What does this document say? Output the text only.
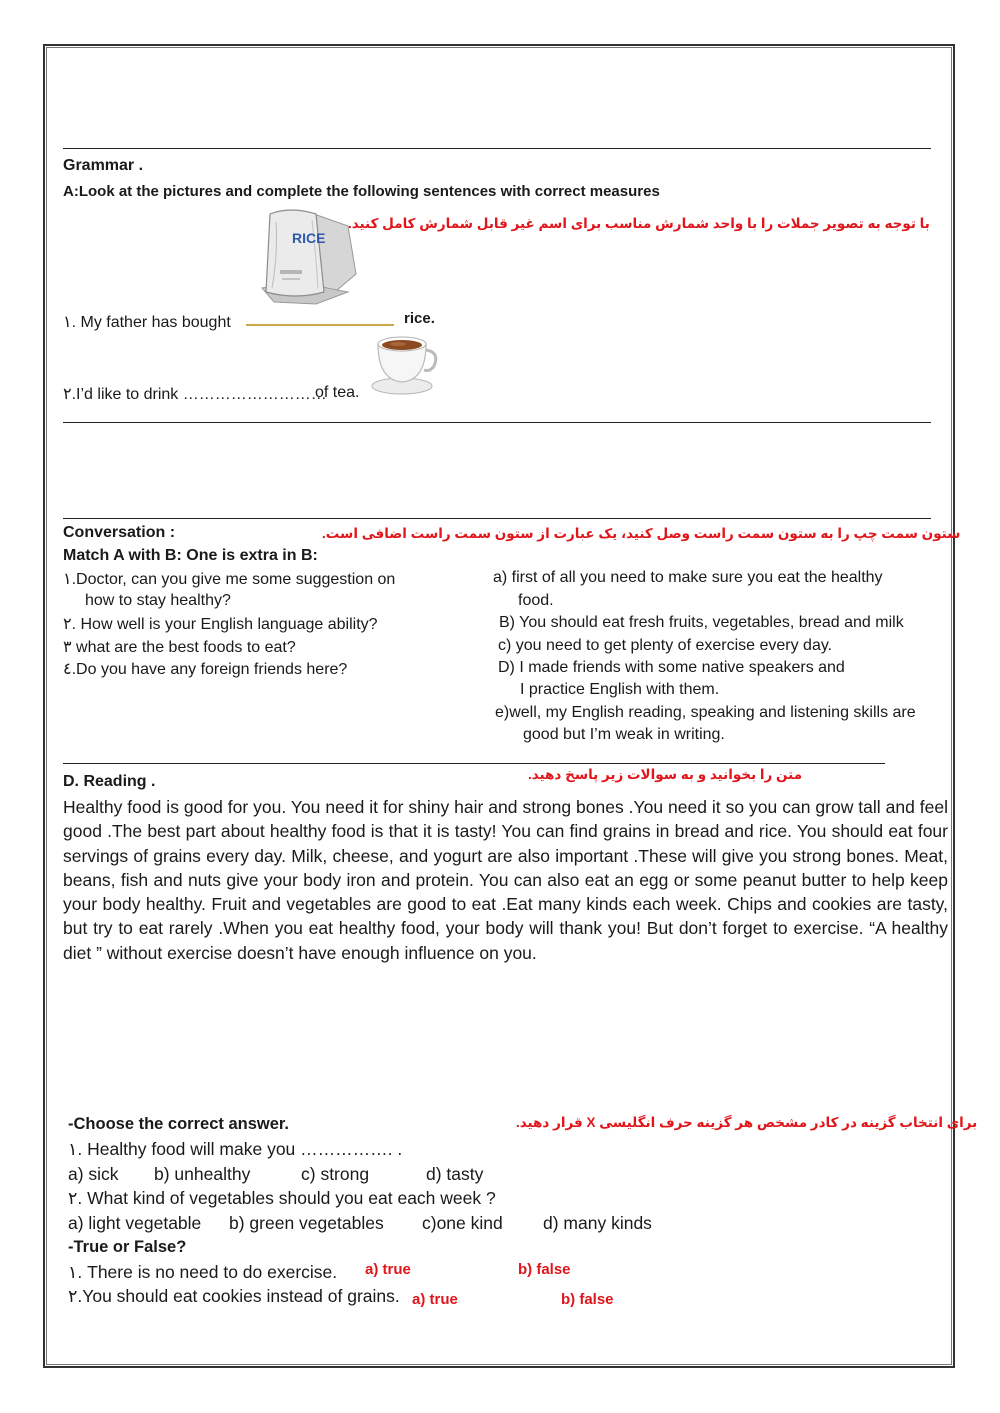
Grammar .
A:Look at the pictures and complete the following sentences with correct measures
RICE
با توجه به تصویر جملات را با واحد شمارش مناسب برای اسم غیر قابل شمارش کامل کنید.
١. My father has bought	rice.
٢.I’d like to drink ………………………
of tea.
Conversation :	ستون سمت چپ را به ستون سمت راست وصل کنید، یک عبارت از ستون سمت راست اضافی است.
Match A with B: One is extra in B:
١.Doctor, can you give me some suggestion on
how to stay healthy?
٢. How well is your English language ability?
٣ what are the best foods to eat?
٤.Do you have any foreign friends here?
a) first of all you need to make sure you eat the healthy
food.
B) You should eat fresh fruits, vegetables, bread and milk
c) you need to get plenty of exercise every day.
D) I made friends with some native speakers and
I practice English with them.
e)well, my English reading, speaking and listening skills are
good but I’m weak in writing.
D. Reading .	متن را بخوانید و به سوالات زیر پاسخ دهید.
Healthy food is good for you. You need it for shiny hair and strong bones .You need it so you can grow tall and feel good .The best part about healthy food is that it is tasty! You can find grains in bread and rice. You should eat four servings of grains every day. Milk, cheese, and yogurt are also important .These will give you strong bones. Meat, beans, fish and nuts give your body iron and protein. You can also eat an egg or some peanut butter to help keep your body healthy. Fruit and vegetables are good to eat .Eat many kinds each week. Chips and cookies are tasty, but try to eat rarely .When you eat healthy food, your body will thank you! But don’t forget to exercise. “A healthy diet ” without exercise doesn’t have enough influence on you.
-Choose the correct answer.	برای انتخاب گزینه در کادر مشخص هر گزینه حرف انگلیسی X قرار دهید.
١. Healthy food will make you ……………. .
a) sick b) unhealthy	c) strong	d) tasty
٢. What kind of vegetables should you eat each week ?
a) light vegetable b) green vegetables c)one kind d) many kinds
-True or False?
١. There is no need to do exercise. a) true	b) false
٢.You should eat cookies instead of grains. a) true	b) false
